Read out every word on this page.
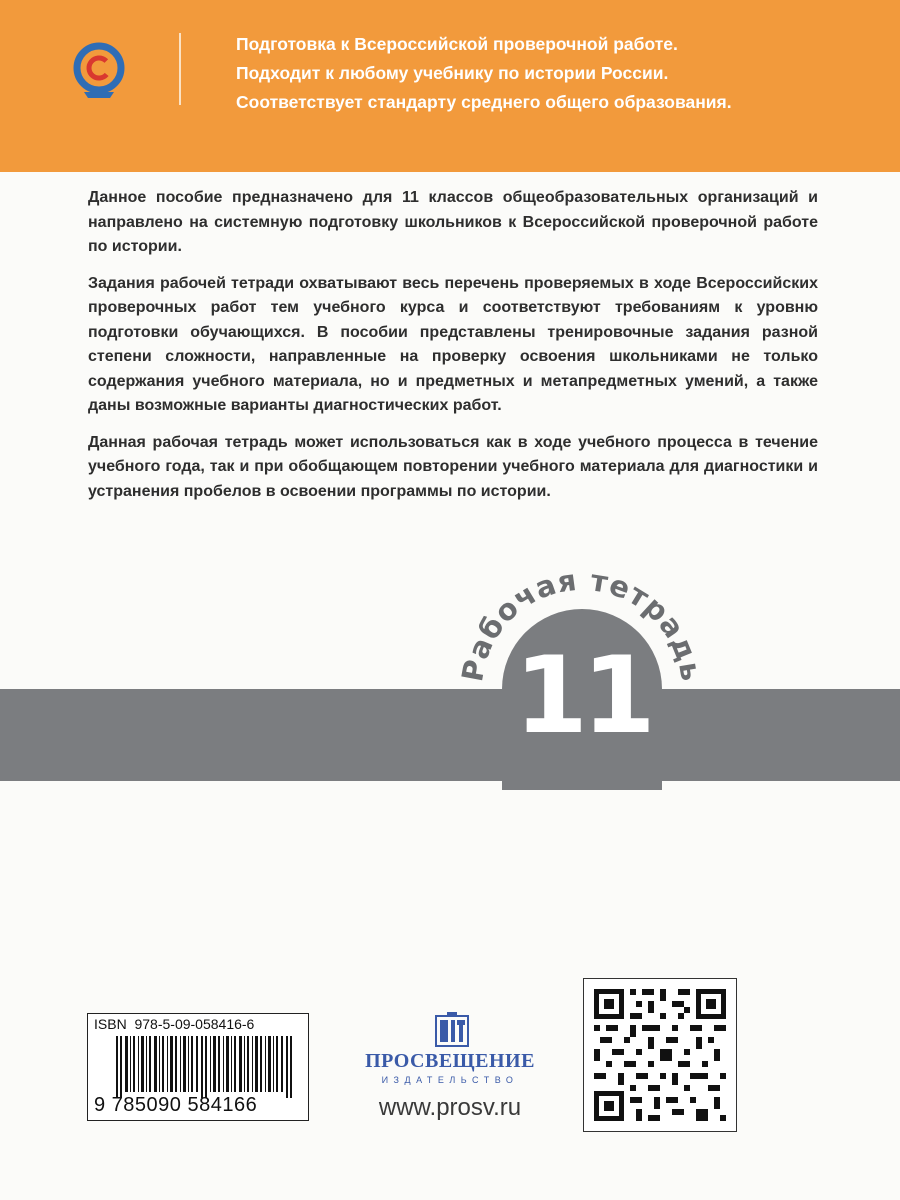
Подготовка к Всероссийской проверочной работе.
Подходит к любому учебнику по истории России.
Соответствует стандарту среднего общего образования.

Данное пособие предназначено для 11 классов общеобразовательных организаций и направлено на системную подготовку школьников к Всероссийской проверочной работе по истории.

Задания рабочей тетради охватывают весь перечень проверяемых в ходе Всероссийских проверочных работ тем учебного курса и соответствуют требованиям к уровню подготовки обучающихся. В пособии представлены тренировочные задания разной степени сложности, направленные на проверку освоения школьниками не только содержания учебного материала, но и предметных и метапредметных умений, а также даны возможные варианты диагностических работ.

Данная рабочая тетрадь может использоваться как в ходе учебного процесса в течение учебного года, так и при обобщающем повторении учебного материала для диагностики и устранения пробелов в освоении программы по истории.

Рабочая тетрадь
11
ISBN 978-5-09-058416-6
9 785090 584166
ПРОСВЕЩЕНИЕ
ИЗДАТЕЛЬСТВО
www.prosv.ru
